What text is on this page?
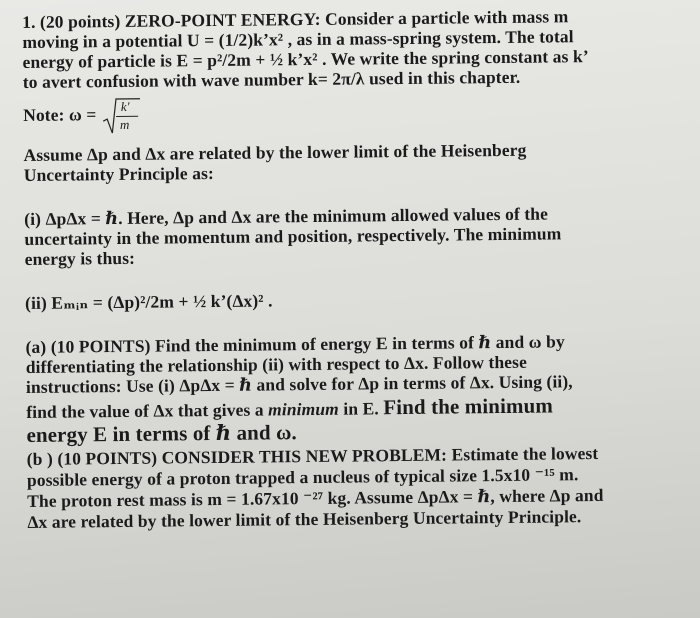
1. (20 points) ZERO-POINT ENERGY: Consider a particle with mass m
moving in a potential U = (1/2)k’x² , as in a mass-spring system. The total
energy of particle is E = p²/2m + ½ k’x² . We write the spring constant as k’
to avert confusion with wave number k= 2π/λ used in this chapter.
Note: ω =

$\frac{k'}{m}$

Assume Δp and Δx are related by the lower limit of the Heisenberg
Uncertainty Principle as:
(i) ΔpΔx = ℏ. Here, Δp and Δx are the minimum allowed values of the
uncertainty in the momentum and position, respectively. The minimum
energy is thus:
(ii) Eₘᵢₙ = (Δp)²/2m + ½ k’(Δx)² .
(a) (10 POINTS) Find the minimum of energy E in terms of ℏ and ω by
differentiating the relationship (ii) with respect to Δx. Follow these
instructions: Use (i) ΔpΔx = ℏ and solve for Δp in terms of Δx. Using (ii),
find the value of Δx that gives a minimum in E. Find the minimum
energy E in terms of ℏ and ω.
(b ) (10 POINTS) CONSIDER THIS NEW PROBLEM: Estimate the lowest
possible energy of a proton trapped a nucleus of typical size 1.5x10 ⁻¹⁵ m.
The proton rest mass is m = 1.67x10 ⁻²⁷ kg. Assume ΔpΔx = ℏ, where Δp and
Δx are related by the lower limit of the Heisenberg Uncertainty Principle.
